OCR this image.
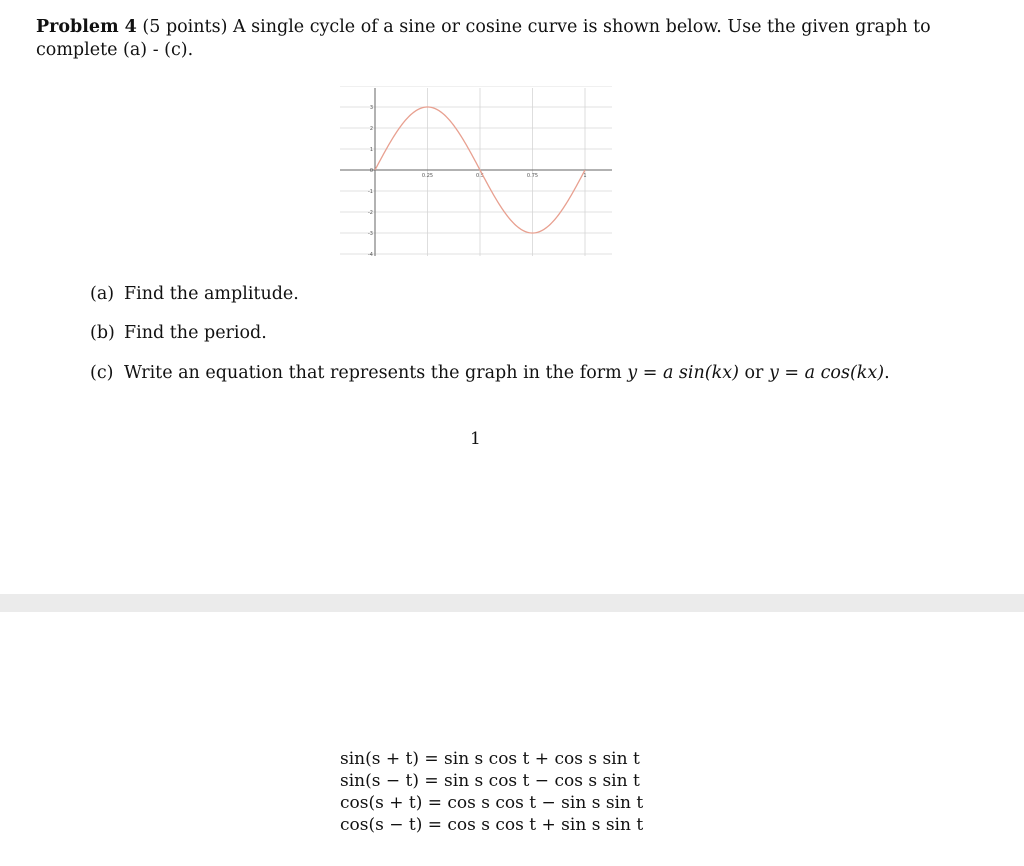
Problem 4 (5 points) A single cycle of a sine or cosine curve is shown below. Use the given graph to complete (a) - (c).
3
2
1
0
-1
-2
-3
-4
0.25	0.5	0.75	1
(a) Find the amplitude.
(b) Find the period.
(c) Write an equation that represents the graph in the form y = a sin(kx) or y = a cos(kx).
1
sin(s + t) = sin s cos t + cos s sin t
sin(s − t) = sin s cos t − cos s sin t
cos(s + t) = cos s cos t − sin s sin t
cos(s − t) = cos s cos t + sin s sin t
